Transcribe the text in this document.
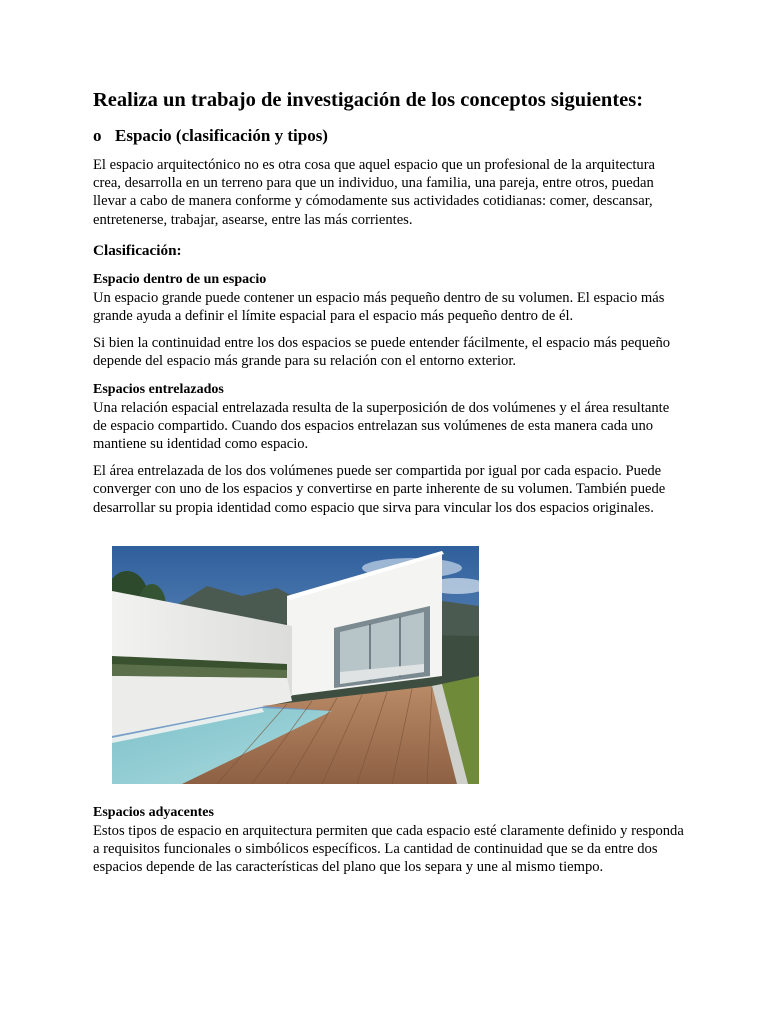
Realiza un trabajo de investigación de los conceptos siguientes:
o Espacio (clasificación y tipos)

El espacio arquitectónico no es otra cosa que aquel espacio que un profesional de la arquitectura crea, desarrolla en un terreno para que un individuo, una familia, una pareja, entre otros, puedan llevar a cabo de manera conforme y cómodamente sus actividades cotidianas: comer, descansar, entretenerse, trabajar, asearse, entre las más corrientes.

Clasificación:
Espacio dentro de un espacio

Un espacio grande puede contener un espacio más pequeño dentro de su volumen. El espacio más grande ayuda a definir el límite espacial para el espacio más pequeño dentro de él.

Si bien la continuidad entre los dos espacios se puede entender fácilmente, el espacio más pequeño depende del espacio más grande para su relación con el entorno exterior.

Espacios entrelazados

Una relación espacial entrelazada resulta de la superposición de dos volúmenes y el área resultante de espacio compartido. Cuando dos espacios entrelazan sus volúmenes de esta manera cada uno mantiene su identidad como espacio.

El área entrelazada de los dos volúmenes puede ser compartida por igual por cada espacio. Puede converger con uno de los espacios y convertirse en parte inherente de su volumen. También puede desarrollar su propia identidad como espacio que sirva para vincular los dos espacios originales.

Espacios adyacentes

Estos tipos de espacio en arquitectura permiten que cada espacio esté claramente definido y responda a requisitos funcionales o simbólicos específicos. La cantidad de continuidad que se da entre dos espacios depende de las características del plano que los separa y une al mismo tiempo.
